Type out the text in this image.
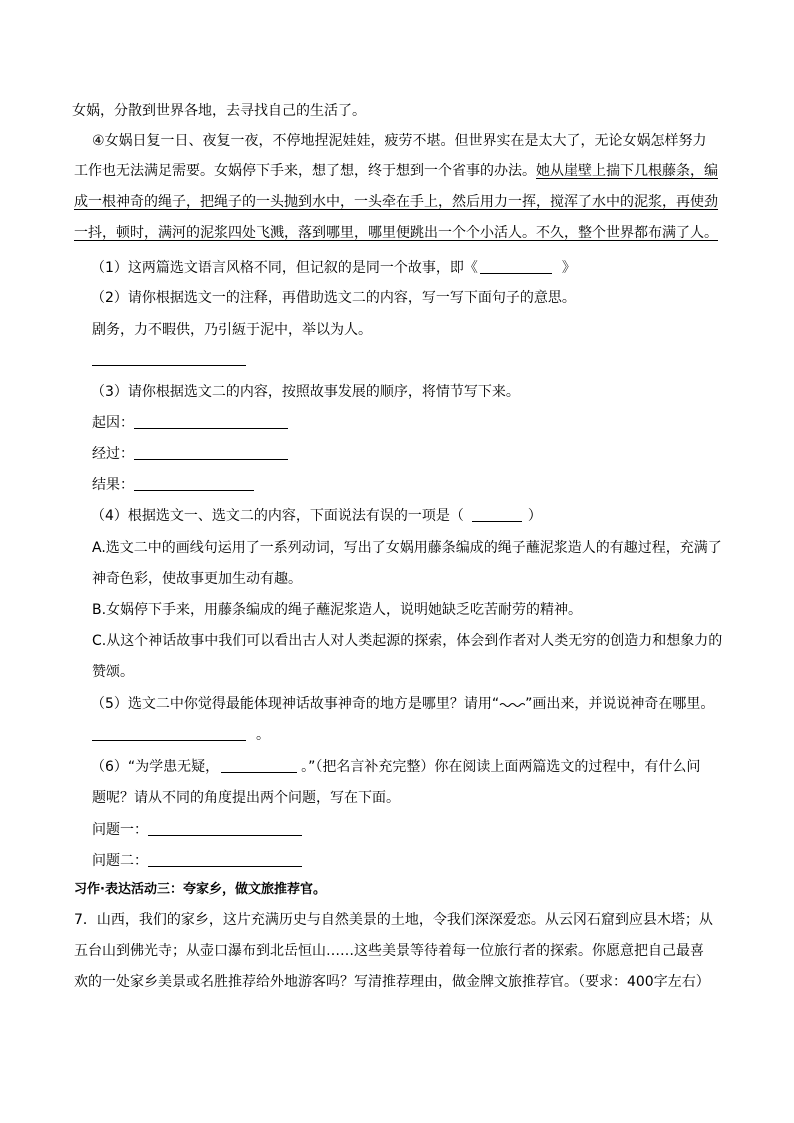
女娲，分散到世界各地，去寻找自己的生活了。
④女娲日复一日、夜复一夜，不停地捏泥娃娃，疲劳不堪。但世界实在是太大了，无论女娲怎样努力
工作也无法满足需要。女娲停下手来，想了想，终于想到一个省事的办法。她从崖壁上揣下几根藤条，编
成一根神奇的绳子，把绳子的一头抛到水中，一头牵在手上，然后用力一挥，搅浑了水中的泥浆，再使劲
一抖，顿时，满河的泥浆四处飞溅，落到哪里，哪里便跳出一个个小活人。不久，整个世界都布满了人。
（1）这两篇选文语言风格不同，但记叙的是同一个故事，即《	》
（2）请你根据选文一的注释，再借助选文二的内容，写一写下面句子的意思。
剧务，力不暇供，乃引絚于泥中，举以为人。
（3）请你根据选文二的内容，按照故事发展的顺序，将情节写下来。
起因：
经过：
结果：
（4）根据选文一、选文二的内容，下面说法有误的一项是（	）
A.选文二中的画线句运用了一系列动词，写出了女娲用藤条编成的绳子蘸泥浆造人的有趣过程，充满了
神奇色彩，使故事更加生动有趣。
B.女娲停下手来，用藤条编成的绳子蘸泥浆造人，说明她缺乏吃苦耐劳的精神。
C.从这个神话故事中我们可以看出古人对人类起源的探索，体会到作者对人类无穷的创造力和想象力的
赞颂。
（5）选文二中你觉得最能体现神话故事神奇的地方是哪里？请用“ ”画出来，并说说神奇在哪里。
。
（6）“为学患无疑，	。”（把名言补充完整）你在阅读上面两篇选文的过程中，有什么问
题呢？请从不同的角度提出两个问题，写在下面。
问题一：
问题二：
习作·表达活动三：夸家乡，做文旅推荐官。
7．山西，我们的家乡，这片充满历史与自然美景的土地，令我们深深爱恋。从云冈石窟到应县木塔；从
五台山到佛光寺；从壶口瀑布到北岳恒山……这些美景等待着每一位旅行者的探索。你愿意把自己最喜
欢的一处家乡美景或名胜推荐给外地游客吗？写清推荐理由，做金牌文旅推荐官。（要求：400字左右）
